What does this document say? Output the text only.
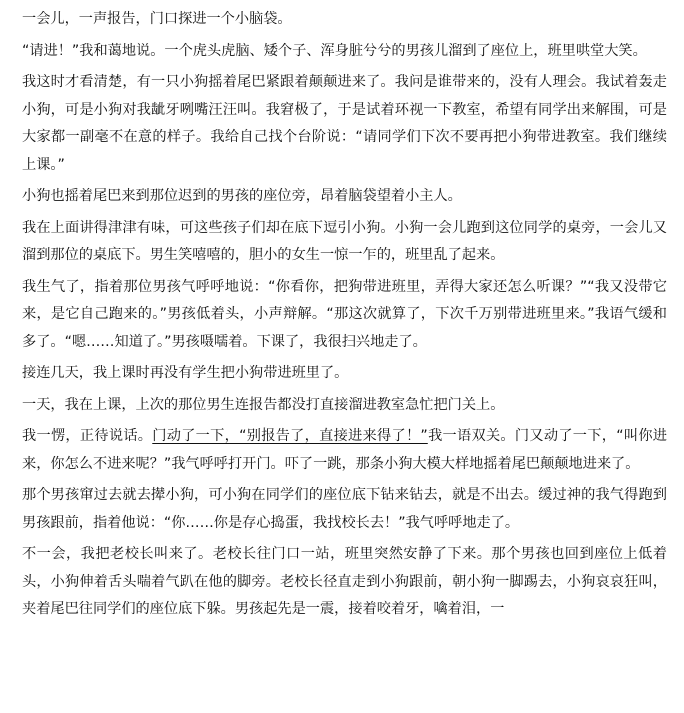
一会儿，一声报告，门口探进一个小脑袋。

“请进！”我和蔼地说。一个虎头虎脑、矮个子、浑身脏兮兮的男孩儿溜到了座位上，班里哄堂大笑。

我这时才看清楚，有一只小狗摇着尾巴紧跟着颠颠进来了。我问是谁带来的，没有人理会。我试着轰走小狗，可是小狗对我龇牙咧嘴汪汪叫。我窘极了，于是试着环视一下教室，希望有同学出来解围，可是大家都一副毫不在意的样子。我给自己找个台阶说：“请同学们下次不要再把小狗带进教室。我们继续上课。”

小狗也摇着尾巴来到那位迟到的男孩的座位旁，昂着脑袋望着小主人。

我在上面讲得津津有味，可这些孩子们却在底下逗引小狗。小狗一会儿跑到这位同学的桌旁，一会儿又溜到那位的桌底下。男生笑嘻嘻的，胆小的女生一惊一乍的，班里乱了起来。

我生气了，指着那位男孩气呼呼地说：“你看你，把狗带进班里，弄得大家还怎么听课？”“我又没带它来，是它自己跑来的。”男孩低着头，小声辩解。“那这次就算了，下次千万别带进班里来。”我语气缓和多了。“嗯……知道了。”男孩嗫嚅着。下课了，我很扫兴地走了。

接连几天，我上课时再没有学生把小狗带进班里了。

一天，我在上课，上次的那位男生连报告都没打直接溜进教室急忙把门关上。

我一愣，正待说话。门动了一下，“别报告了，直接进来得了！”我一语双关。门又动了一下，“叫你进来，你怎么不进来呢？”我气呼呼打开门。吓了一跳，那条小狗大模大样地摇着尾巴颠颠地进来了。

那个男孩窜过去就去撵小狗，可小狗在同学们的座位底下钻来钻去，就是不出去。缓过神的我气得跑到男孩跟前，指着他说：“你……你是存心捣蛋，我找校长去！”我气呼呼地走了。

不一会，我把老校长叫来了。老校长往门口一站，班里突然安静了下来。那个男孩也回到座位上低着头，小狗伸着舌头喘着气趴在他的脚旁。老校长径直走到小狗跟前，朝小狗一脚踢去，小狗哀哀狂叫，夹着尾巴往同学们的座位底下躲。男孩起先是一震，接着咬着牙，噙着泪，一
